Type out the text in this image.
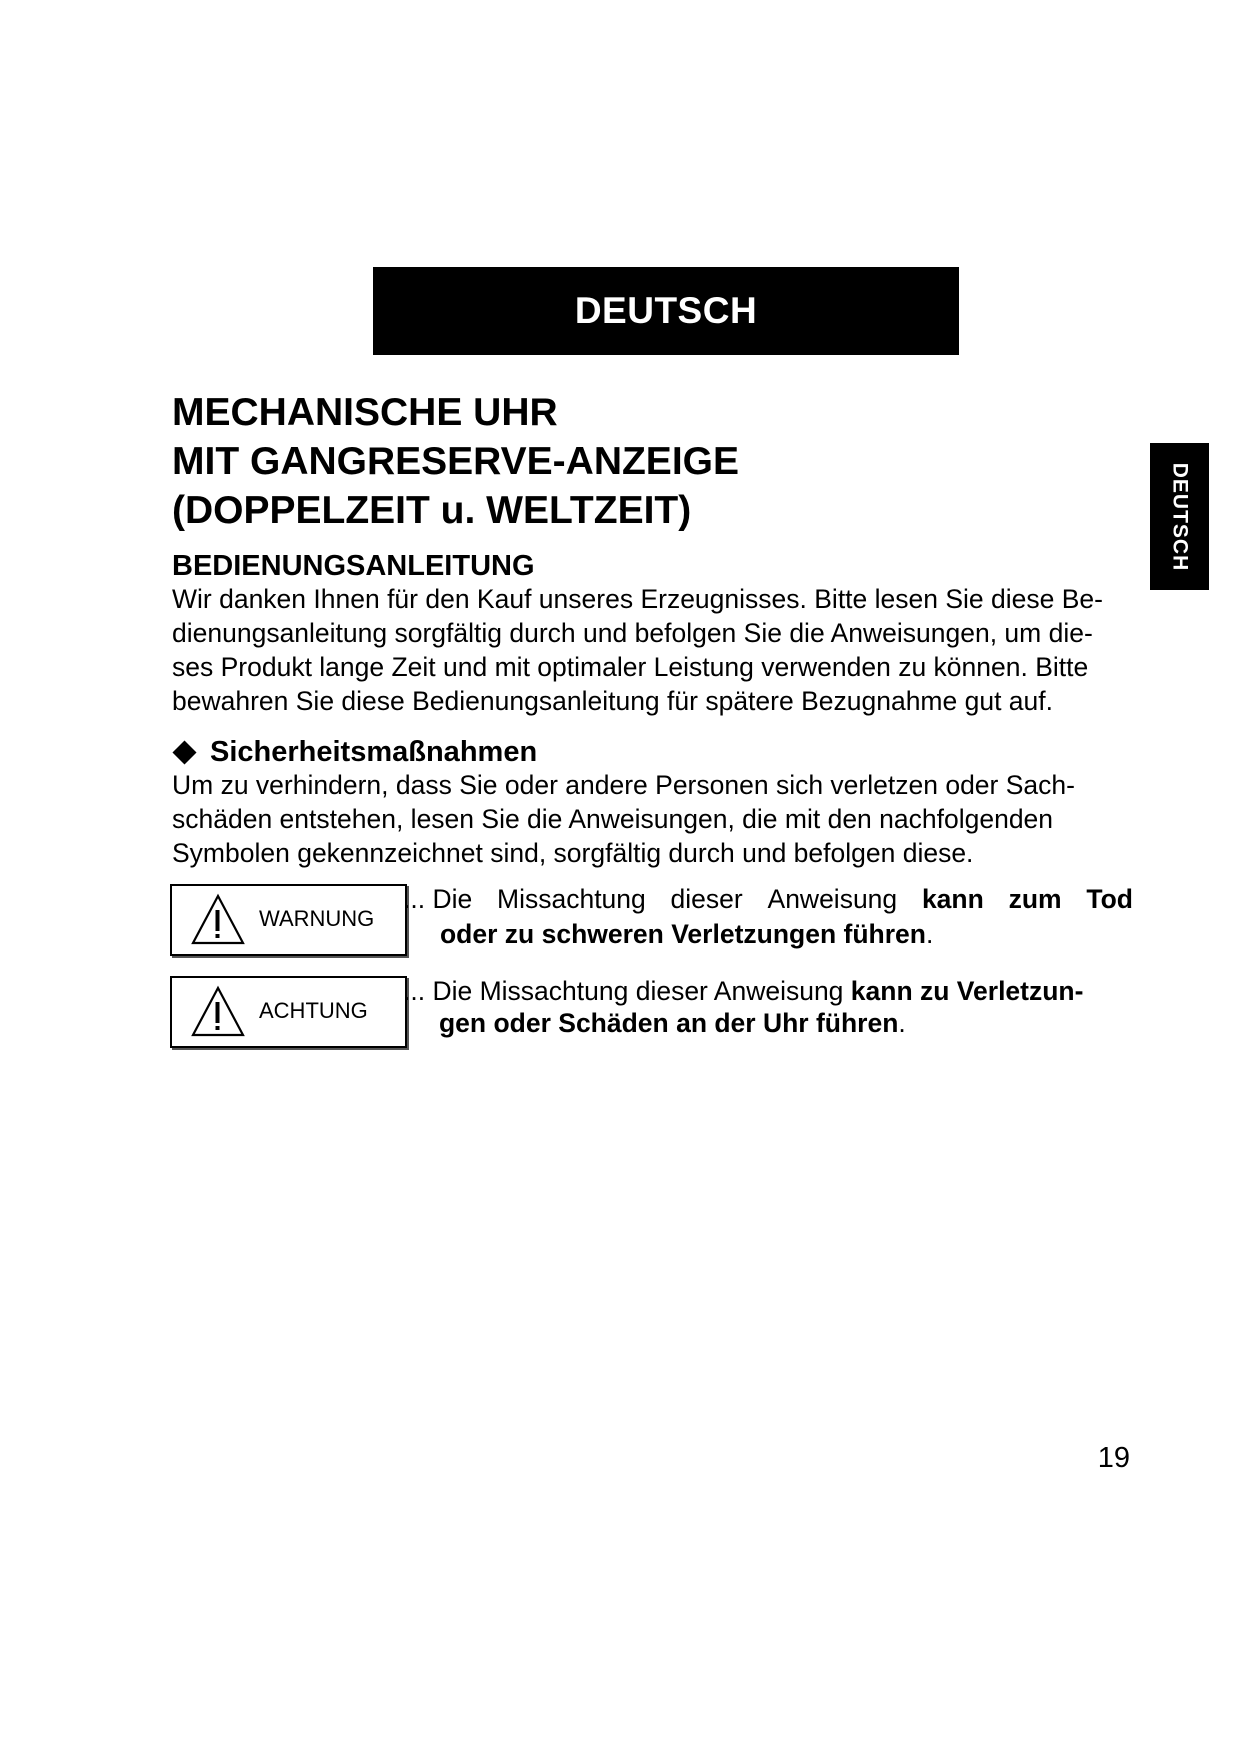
DEUTSCH
DEUTSCH
MECHANISCHE UHR
MIT GANGRESERVE-ANZEIGE
(DOPPELZEIT u. WELTZEIT)
BEDIENUNGSANLEITUNG
Wir danken Ihnen für den Kauf unseres Erzeugnisses. Bitte lesen Sie diese Be-
dienungsanleitung sorgfältig durch und befolgen Sie die Anweisungen, um die-
ses Produkt lange Zeit und mit optimaler Leistung verwenden zu können. Bitte
bewahren Sie diese Bedienungsanleitung für spätere Bezugnahme gut auf.
Sicherheitsmaßnahmen
Um zu verhindern, dass Sie oder andere Personen sich verletzen oder Sach-
schäden entstehen, lesen Sie die Anweisungen, die mit den nachfolgenden
Symbolen gekennzeichnet sind, sorgfältig durch und befolgen diese.
WARNUNG
... Die Missachtung dieser Anweisung kann zum Tod
oder zu schweren Verletzungen führen.
ACHTUNG
... Die Missachtung dieser Anweisung kann zu Verletzun-
gen oder Schäden an der Uhr führen.
19
